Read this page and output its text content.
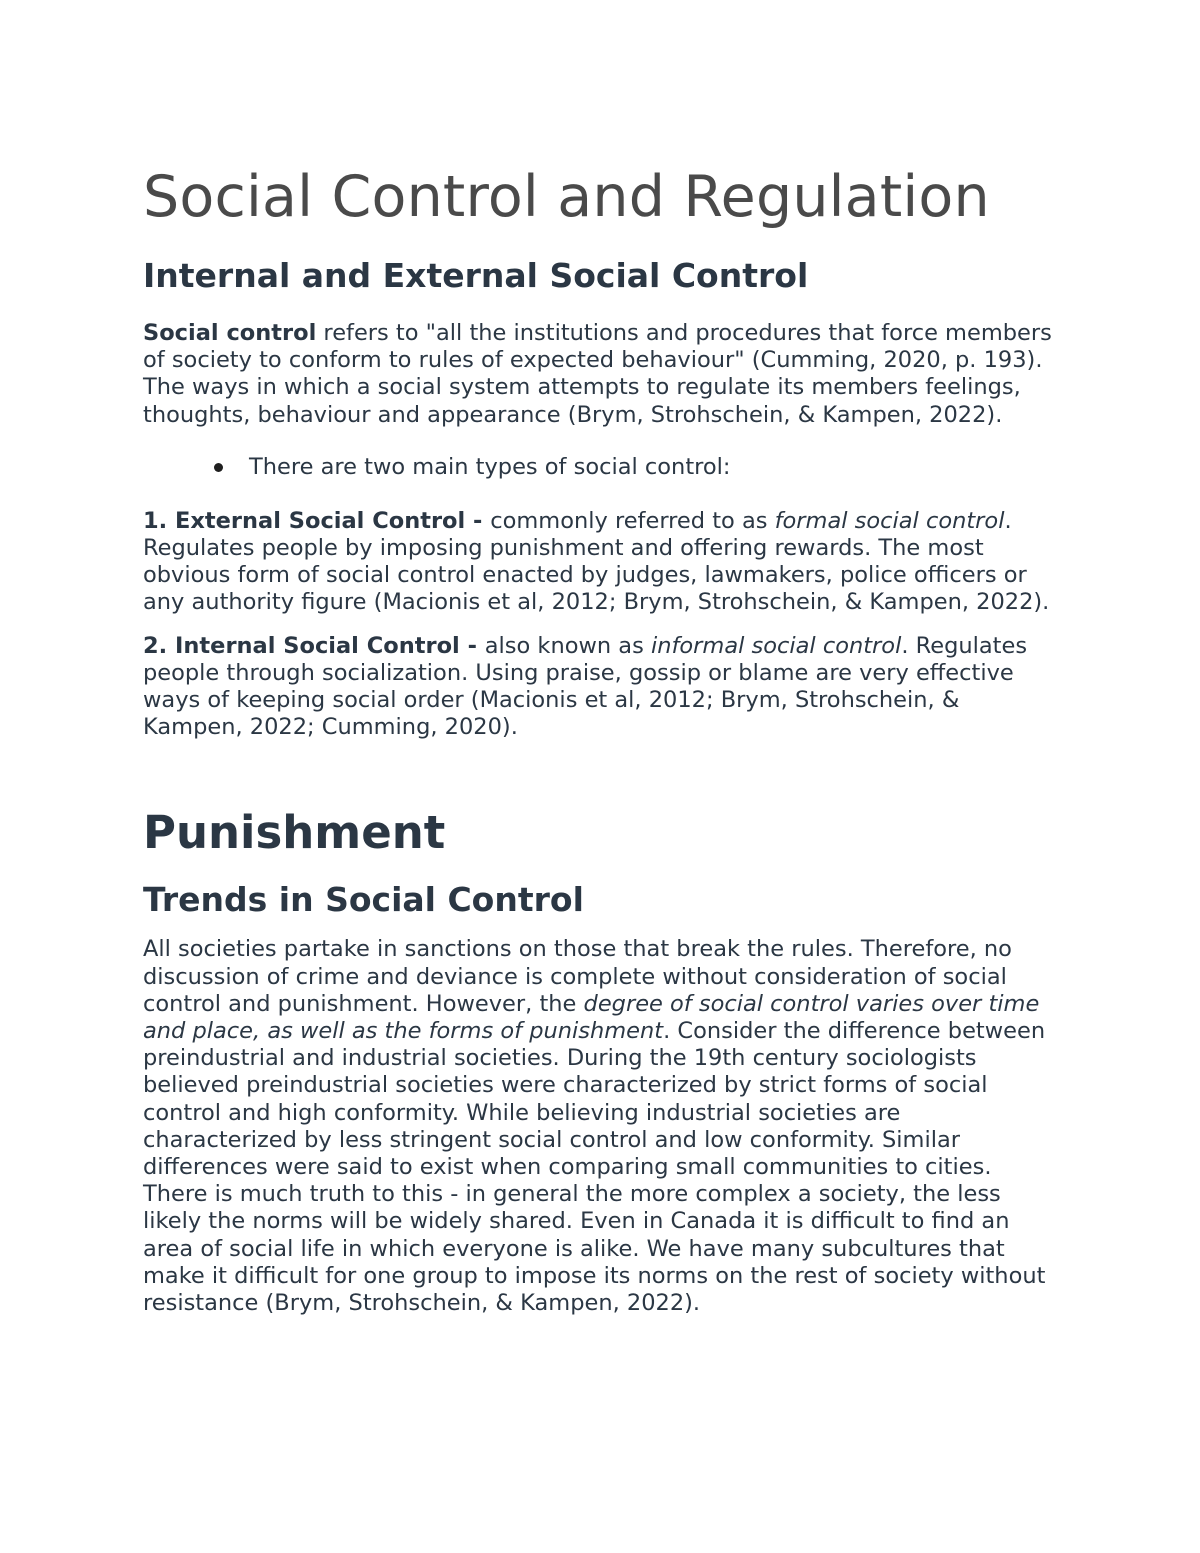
Social Control and Regulation
Internal and External Social Control

Social control refers to "all the institutions and procedures that force members of society to conform to rules of expected behaviour" (Cumming, 2020, p. 193). The ways in which a social system attempts to regulate its members feelings, thoughts, behaviour and appearance (Brym, Strohschein, & Kampen, 2022).

There are two main types of social control:

1. External Social Control - commonly referred to as formal social control. Regulates people by imposing punishment and offering rewards. The most obvious form of social control enacted by judges, lawmakers, police officers or any authority figure (Macionis et al, 2012; Brym, Strohschein, & Kampen, 2022).

2. Internal Social Control - also known as informal social control. Regulates people through socialization. Using praise, gossip or blame are very effective ways of keeping social order (Macionis et al, 2012; Brym, Strohschein, & Kampen, 2022; Cumming, 2020).

Punishment
Trends in Social Control

All societies partake in sanctions on those that break the rules. Therefore, no discussion of crime and deviance is complete without consideration of social control and punishment. However, the degree of social control varies over time and place, as well as the forms of punishment. Consider the difference between preindustrial and industrial societies. During the 19th century sociologists believed preindustrial societies were characterized by strict forms of social control and high conformity. While believing industrial societies are characterized by less stringent social control and low conformity. Similar differences were said to exist when comparing small communities to cities. There is much truth to this - in general the more complex a society, the less likely the norms will be widely shared. Even in Canada it is difficult to find an area of social life in which everyone is alike. We have many subcultures that make it difficult for one group to impose its norms on the rest of society without resistance (Brym, Strohschein, & Kampen, 2022).
